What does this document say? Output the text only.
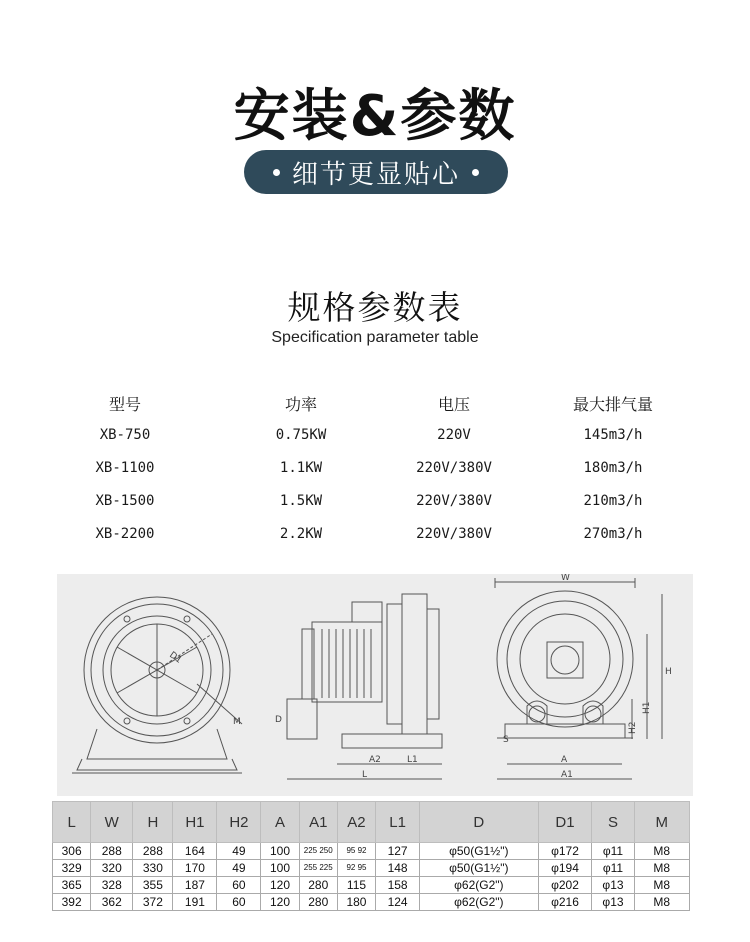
安装&参数
细节更显贴心
规格参数表
Specification parameter table
型号	功率	电压	最大排气量
XB-750	0.75KW	220V	145m3/h
XB-1100	1.1KW	220V/380V	180m3/h
XB-1500	1.5KW	220V/380V	210m3/h
XB-2200	2.2KW	220V/380V	270m3/h
D1
M	D
A2	L1
L
W
H
H1
H2
S
A
A1
L	W	H	H1	H2	A	A1	A2	L1	D	D1	S	M
306	288	288	164	49	100	225 250	95 92	127	φ50(G1½")	φ172	φ11	M8
329	320	330	170	49	100	255 225	92 95	148	φ50(G1½")	φ194	φ11	M8
365	328	355	187	60	120	280	115	158	φ62(G2")	φ202	φ13	M8
392	362	372	191	60	120	280	180	124	φ62(G2")	φ216	φ13	M8
